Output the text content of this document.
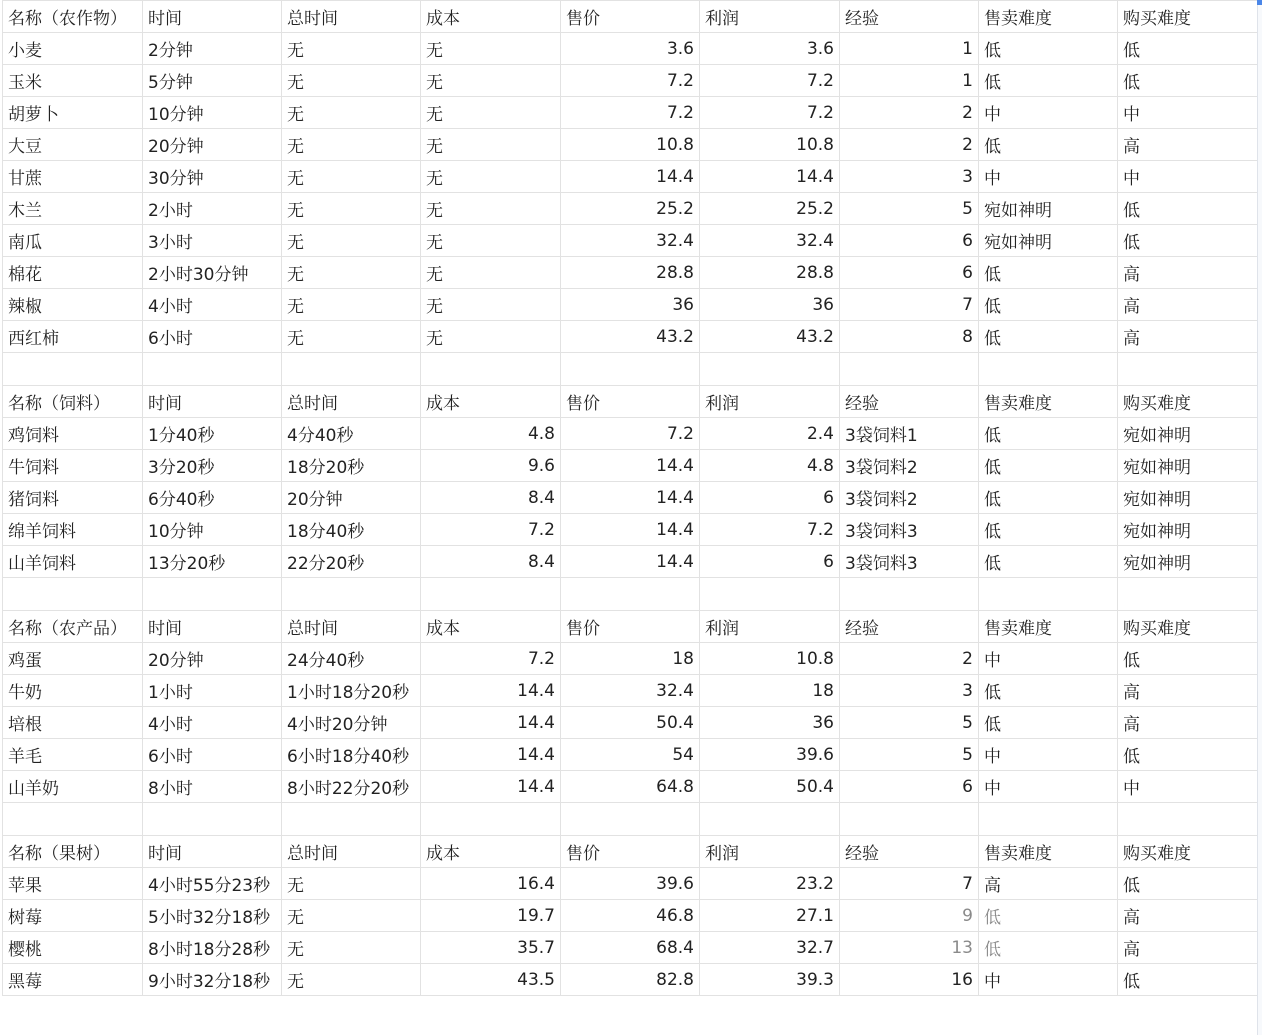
名称（农作物）	时间	总时间	成本	售价	利润	经验	售卖难度	购买难度
小麦	2分钟	无	无	3.6	3.6	1	低	低
玉米	5分钟	无	无	7.2	7.2	1	低	低
胡萝卜	10分钟	无	无	7.2	7.2	2	中	中
大豆	20分钟	无	无	10.8	10.8	2	低	高
甘蔗	30分钟	无	无	14.4	14.4	3	中	中
木兰	2小时	无	无	25.2	25.2	5	宛如神明	低
南瓜	3小时	无	无	32.4	32.4	6	宛如神明	低
棉花	2小时30分钟	无	无	28.8	28.8	6	低	高
辣椒	4小时	无	无	36	36	7	低	高
西红柿	6小时	无	无	43.2	43.2	8	低	高

名称（饲料）	时间	总时间	成本	售价	利润	经验	售卖难度	购买难度
鸡饲料	1分40秒	4分40秒	4.8	7.2	2.4	3袋饲料1	低	宛如神明
牛饲料	3分20秒	18分20秒	9.6	14.4	4.8	3袋饲料2	低	宛如神明
猪饲料	6分40秒	20分钟	8.4	14.4	6	3袋饲料2	低	宛如神明
绵羊饲料	10分钟	18分40秒	7.2	14.4	7.2	3袋饲料3	低	宛如神明
山羊饲料	13分20秒	22分20秒	8.4	14.4	6	3袋饲料3	低	宛如神明

名称（农产品）	时间	总时间	成本	售价	利润	经验	售卖难度	购买难度
鸡蛋	20分钟	24分40秒	7.2	18	10.8	2	中	低
牛奶	1小时	1小时18分20秒	14.4	32.4	18	3	低	高
培根	4小时	4小时20分钟	14.4	50.4	36	5	低	高
羊毛	6小时	6小时18分40秒	14.4	54	39.6	5	中	低
山羊奶	8小时	8小时22分20秒	14.4	64.8	50.4	6	中	中

名称（果树）	时间	总时间	成本	售价	利润	经验	售卖难度	购买难度
苹果	4小时55分23秒	无	16.4	39.6	23.2	7	高	低
树莓	5小时32分18秒	无	19.7	46.8	27.1	9	低	高
樱桃	8小时18分28秒	无	35.7	68.4	32.7	13	低	高
黑莓	9小时32分18秒	无	43.5	82.8	39.3	16	中	低
